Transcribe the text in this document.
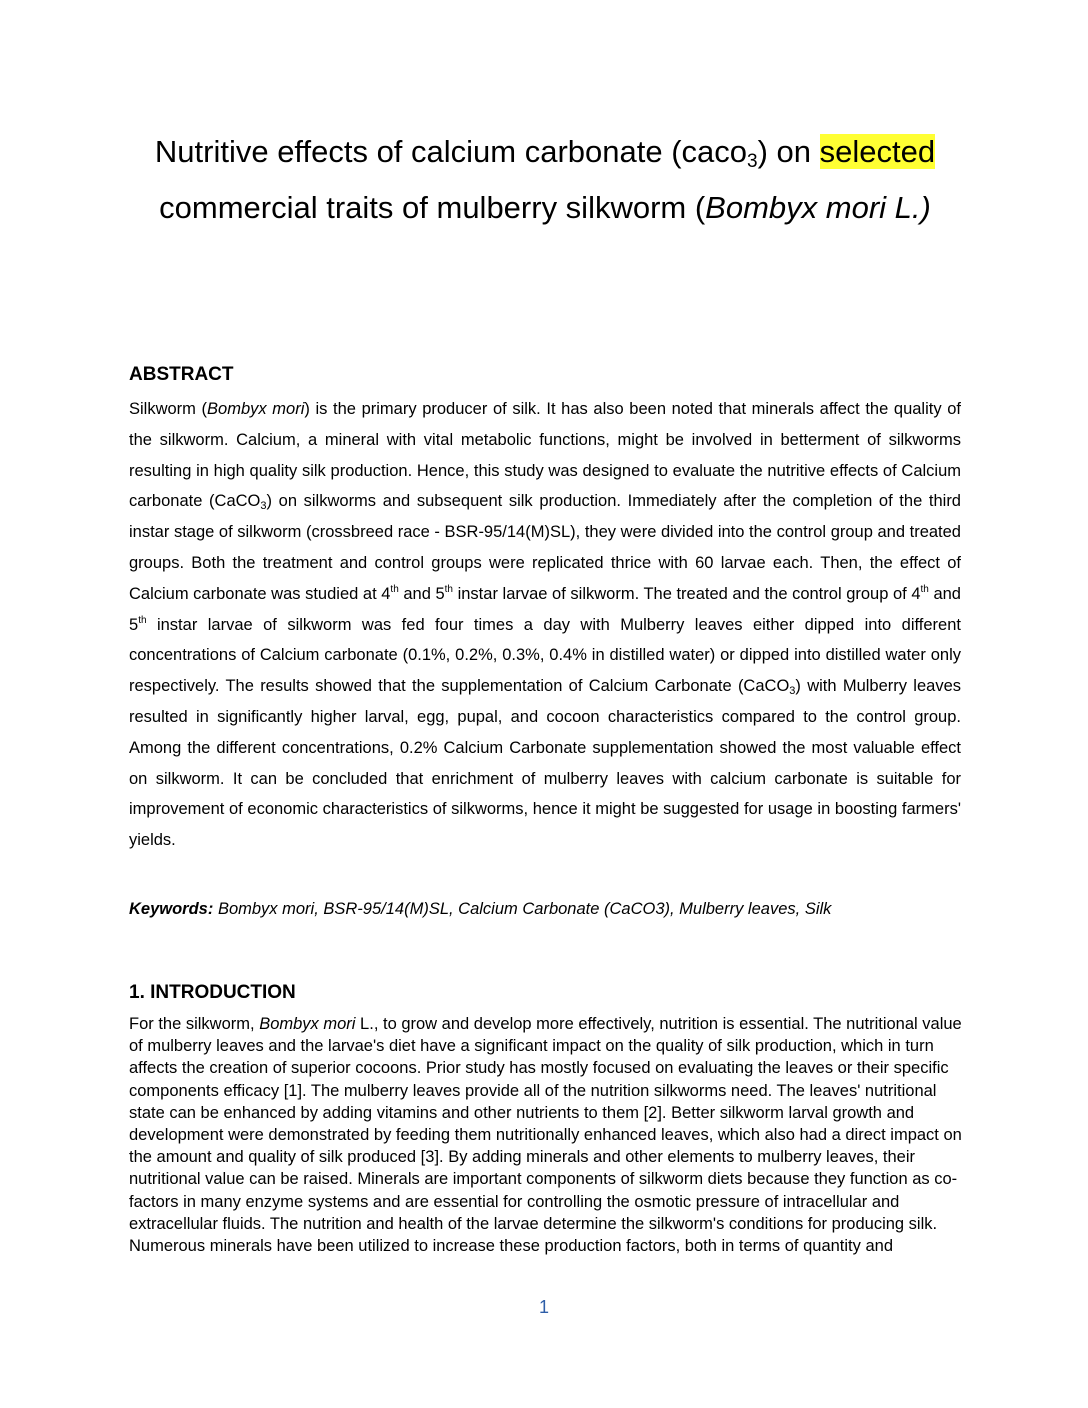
Nutritive effects of calcium carbonate (caco$_3$) on selected
commercial traits of mulberry silkworm (Bombyx mori L.)
ABSTRACT
Silkworm (Bombyx mori) is the primary producer of silk. It has also been noted that minerals affect the quality of the silkworm. Calcium, a mineral with vital metabolic functions, might be involved in betterment of silkworms resulting in high quality silk production. Hence, this study was designed to evaluate the nutritive effects of Calcium carbonate (CaCO$_3$) on silkworms and subsequent silk production. Immediately after the completion of the third instar stage of silkworm (crossbreed race - BSR-95/14(M)SL), they were divided into the control group and treated groups. Both the treatment and control groups were replicated thrice with 60 larvae each. Then, the effect of Calcium carbonate was studied at 4th and 5th instar larvae of silkworm. The treated and the control group of 4th and 5th instar larvae of silkworm was fed four times a day with Mulberry leaves either dipped into different concentrations of Calcium carbonate (0.1%, 0.2%, 0.3%, 0.4% in distilled water) or dipped into distilled water only respectively. The results showed that the supplementation of Calcium Carbonate (CaCO$_3$) with Mulberry leaves resulted in significantly higher larval, egg, pupal, and cocoon characteristics compared to the control group. Among the different concentrations, 0.2% Calcium Carbonate supplementation showed the most valuable effect on silkworm. It can be concluded that enrichment of mulberry leaves with calcium carbonate is suitable for improvement of economic characteristics of silkworms, hence it might be suggested for usage in boosting farmers' yields.
Keywords: Bombyx mori, BSR-95/14(M)SL, Calcium Carbonate (CaCO3), Mulberry leaves, Silk
1. INTRODUCTION
For the silkworm, Bombyx mori L., to grow and develop more effectively, nutrition is essential. The nutritional value of mulberry leaves and the larvae's diet have a significant impact on the quality of silk production, which in turn affects the creation of superior cocoons. Prior study has mostly focused on evaluating the leaves or their specific components efficacy [1]. The mulberry leaves provide all of the nutrition silkworms need. The leaves' nutritional state can be enhanced by adding vitamins and other nutrients to them [2]. Better silkworm larval growth and development were demonstrated by feeding them nutritionally enhanced leaves, which also had a direct impact on the amount and quality of silk produced [3]. By adding minerals and other elements to mulberry leaves, their nutritional value can be raised. Minerals are important components of silkworm diets because they function as co-factors in many enzyme systems and are essential for controlling the osmotic pressure of intracellular and extracellular fluids. The nutrition and health of the larvae determine the silkworm's conditions for producing silk. Numerous minerals have been utilized to increase these production factors, both in terms of quantity and
1
